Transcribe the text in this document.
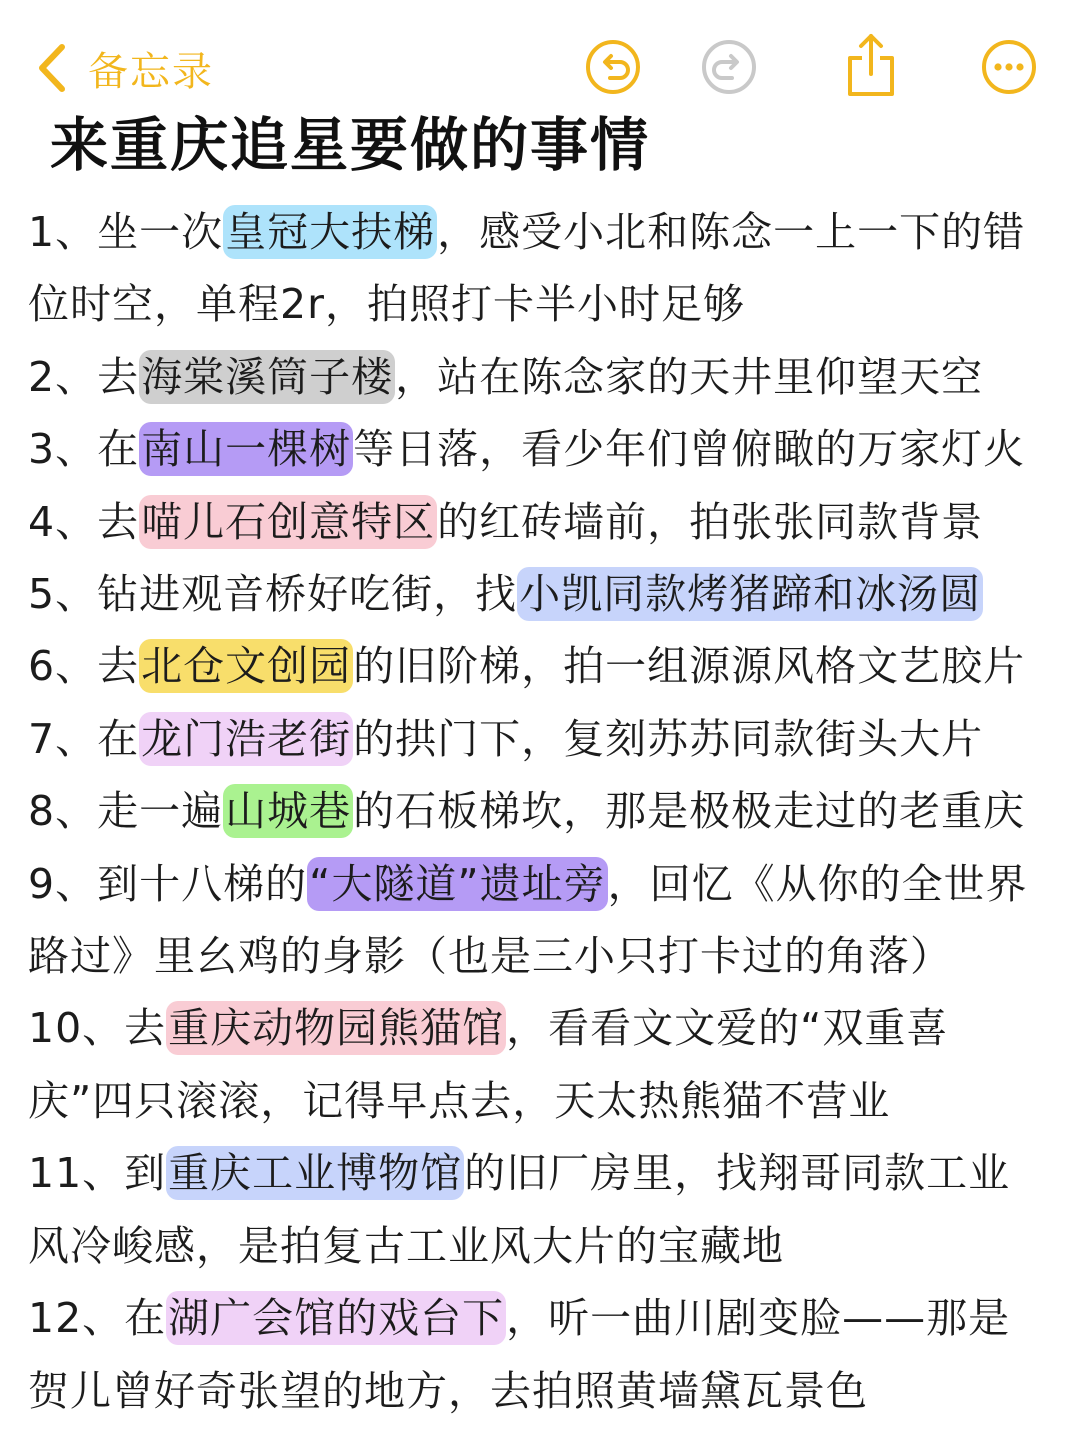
备忘录
来重庆追星要做的事情

1、坐一次皇冠大扶梯，感受小北和陈念一上一下的错位时空，单程2r，拍照打卡半小时足够

2、去海棠溪筒子楼，站在陈念家的天井里仰望天空

3、在南山一棵树等日落，看少年们曾俯瞰的万家灯火

4、去喵儿石创意特区的红砖墙前，拍张张同款背景

5、钻进观音桥好吃街，找小凯同款烤猪蹄和冰汤圆

6、去北仓文创园的旧阶梯，拍一组源源风格文艺胶片

7、在龙门浩老街的拱门下，复刻苏苏同款街头大片

8、走一遍山城巷的石板梯坎，那是极极走过的老重庆

9、到十八梯的“大隧道”遗址旁，回忆《从你的全世界路过》里幺鸡的身影（也是三小只打卡过的角落）

10、去重庆动物园熊猫馆，看看文文爱的“双重喜庆”四只滚滚，记得早点去，天太热熊猫不营业

11、到重庆工业博物馆的旧厂房里，找翔哥同款工业风冷峻感，是拍复古工业风大片的宝藏地

12、在湖广会馆的戏台下，听一曲川剧变脸——那是贺儿曾好奇张望的地方，去拍照黄墙黛瓦景色
